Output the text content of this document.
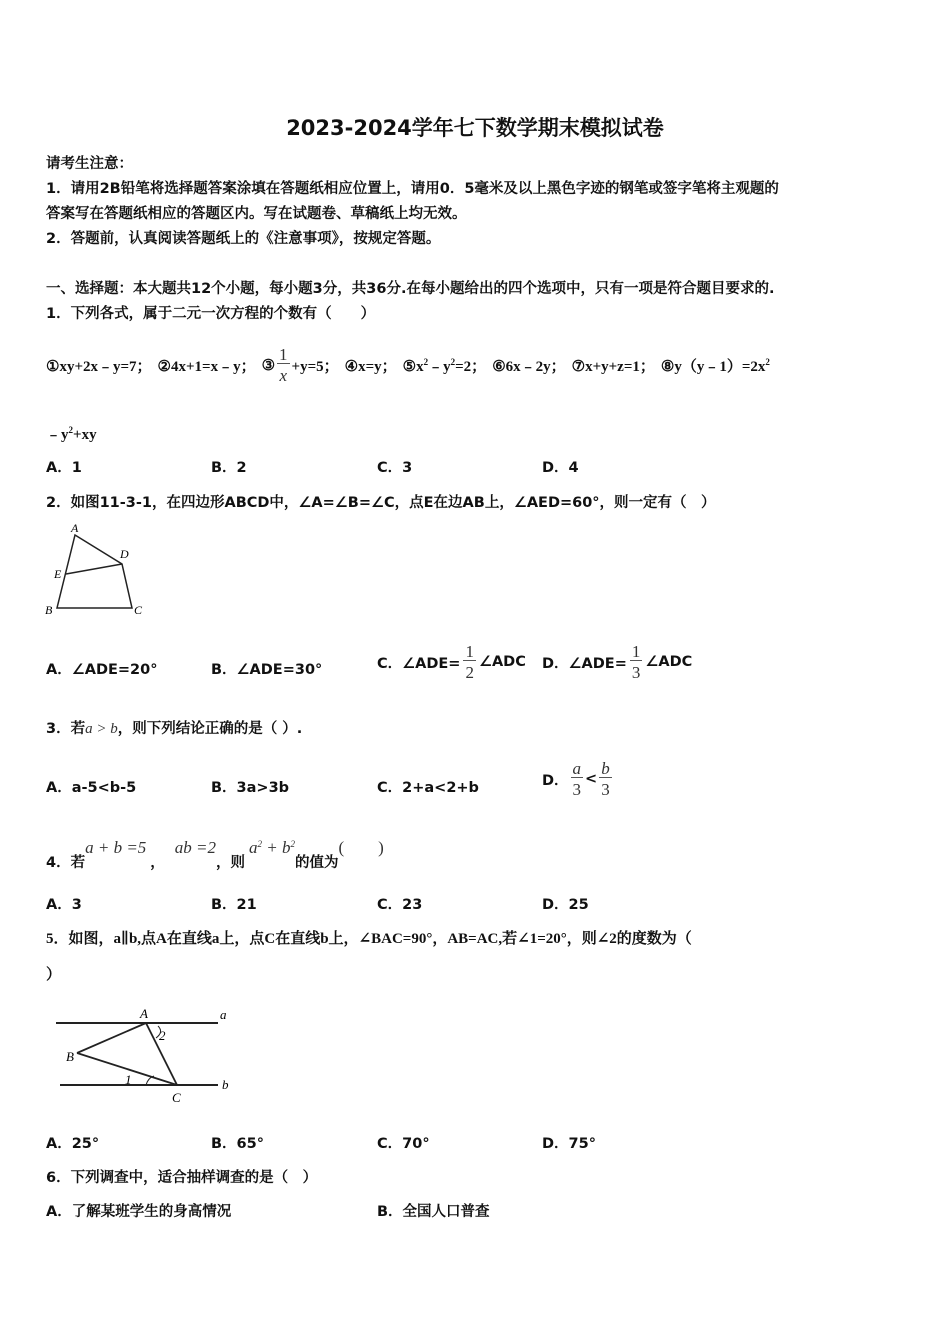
2023-2024学年七下数学期末模拟试卷
请考生注意：
1．请用2B铅笔将选择题答案涂填在答题纸相应位置上，请用0．5毫米及以上黑色字迹的钢笔或签字笔将主观题的
答案写在答题纸相应的答题区内。写在试题卷、草稿纸上均无效。
2．答题前，认真阅读答题纸上的《注意事项》，按规定答题。
一、选择题：本大题共12个小题，每小题3分，共36分.在每小题给出的四个选项中，只有一项是符合题目要求的.
1．下列各式，属于二元一次方程的个数有（　　）
①xy+2x﹣y=7； ②4x+1=x﹣y； ③ $\frac{1}{x} +y=5$； ④x=y； $⑤x^2﹣y^2=2$； ⑥6x﹣2y； ⑦x+y+z=1； $⑧y(y﹣1)=2x^2$
$﹣y^2+xy$
A．1	B．2	C．3	D．4
2．如图11-3-1，在四边形ABCD中，∠A=∠B=∠C，点E在边AB上，∠AED=60°，则一定有（　）
A
D
E
B	C
A．∠ADE=20°	B．∠ADE=30°	C．∠ADE= $\frac{1}{2}$ ∠ADC D．∠ADE= $\frac{1}{3}$ ∠ADC
3．若a > b，则下列结论正确的是（ ）.
A．a-5<b-5	B．3a>3b	C．2+a<2+b	D． $\frac{a}{3} < \frac{b}{3}$
4．若a + b =5，ab =2，则$a^2 + b^2$的值为(　　)
A．3	B．21	C．23	D．25
5．如图，a∥b,点A在直线a上，点C在直线b上，∠BAC=90°，AB=AC,若∠1=20°，则∠2的度数为（
）
A	a
2
B
1
C
b
A．25°	B．65°	C．70°	D．75°
6．下列调查中，适合抽样调查的是（　）
A．了解某班学生的身高情况	B．全国人口普查
